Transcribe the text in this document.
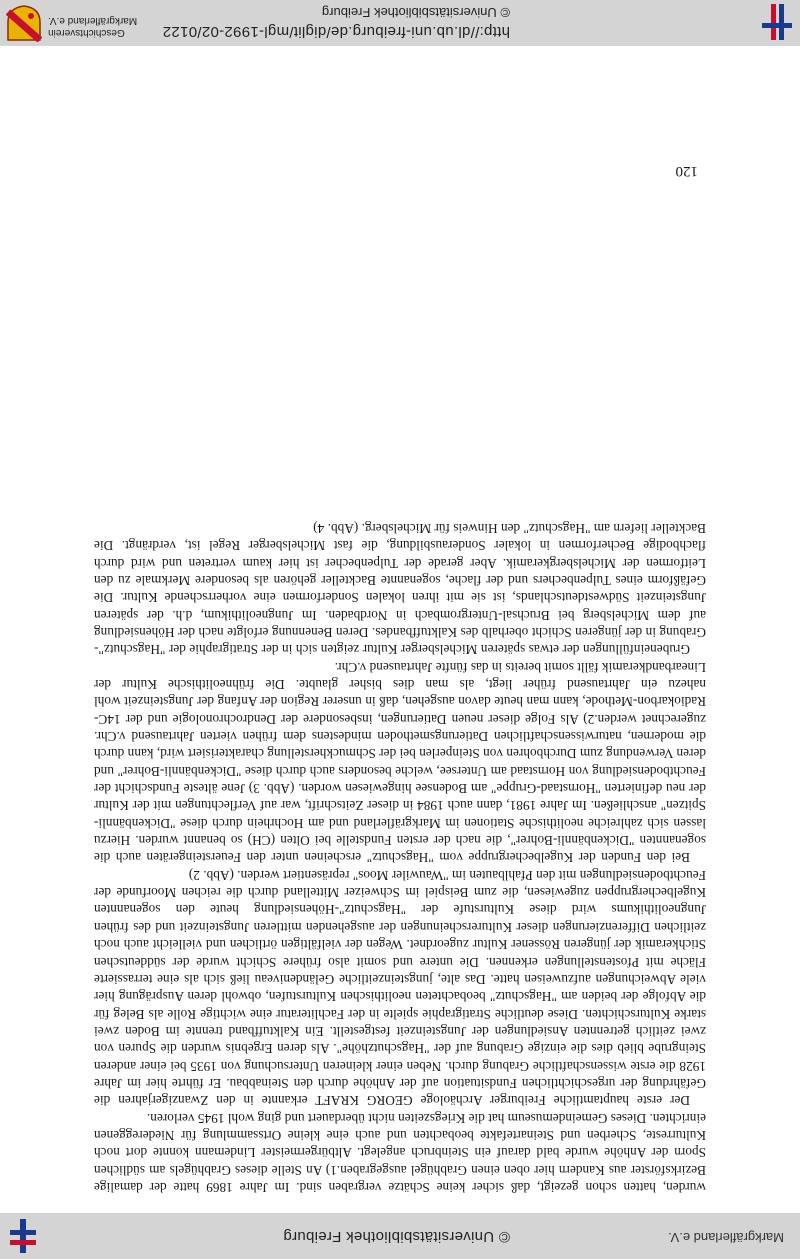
Markgräflerland e.V.
© Universitätsbibliothek Freiburg

wurden, hatten schon gezeigt, daß sicher keine Schätze vergraben sind. Im Jahre 1869 hatte der damalige Bezirksförster aus Kandern hier oben einen Grabhügel ausgegraben.1) An Stelle dieses Grabhügels am südlichen Sporn der Anhöhe wurde bald darauf ein Steinbruch angelegt. Altbürgermeister Lindemann konnte dort noch Kulturreste, Scherben und Steinartefakte beobachten und auch eine kleine Ortssammlung für Niedereggenen einrichten. Dieses Gemeindemuseum hat die Kriegszeiten nicht überdauert und ging wohl 1945 verloren.

Der erste hauptamtliche Freiburger Archäologe GEORG KRAFT erkannte in den Zwanzigerjahren die Gefährdung der urgeschichtlichen Fundsituation auf der Anhöhe durch den Steinabbau. Er führte hier im Jahre 1928 die erste wissenschaftliche Grabung durch. Neben einer kleineren Untersuchung von 1935 bei einer anderen Steingrube blieb dies die einzige Grabung auf der "Hagschutzhöhe". Als deren Ergebnis wurden die Spuren von zwei zeitlich getrennten Ansiedlungen der Jungsteinzeit festgestellt. Ein Kalktuffband trennte im Boden zwei starke Kulturschichten. Diese deutliche Stratigraphie spielte in der Fachliteratur eine wichtige Rolle als Beleg für die Abfolge der beiden am "Hagschutz" beobachteten neolithischen Kulturstufen, obwohl deren Ausprägung hier viele Abweichungen aufzuweisen hatte. Das alte, jungsteinzeitliche Geländeniveau ließ sich als eine terrassierte Fläche mit Pfostenstellungen erkennen. Die untere und somit also frühere Schicht wurde der süddeutschen Stichkeramik der jüngeren Rössener Kultur zugeordnet. Wegen der vielfältigen örtlichen und vielleicht auch noch zeitlichen Differenzierungen dieser Kulturerscheinungen der ausgehenden mittleren Jungsteinzeit und des frühen Jungneolithikums wird diese Kulturstufe der "Hagschutz"-Höhensiedlung heute den sogenannten Kugelbechergruppen zugewiesen, die zum Beispiel im Schweizer Mittelland durch die reichen Moorfunde der Feuchtbodensiedlungen mit den Pfahlbauten im "Wauwiler Moos" repräsentiert werden. (Abb. 2)

Bei den Funden der Kugelbechergruppe vom "Hagschutz" erscheinen unter den Feuersteingeräten auch die sogenannten "Dickenbännli-Bohrer", die nach der ersten Fundstelle bei Olten (CH) so benannt wurden. Hierzu lassen sich zahlreiche neolithische Stationen im Markgräflerland und am Hochrhein durch diese "Dickenbännli-Spitzen" anschließen. Im Jahre 1981, dann auch 1984 in dieser Zeitschrift, war auf Verflechtungen mit der Kultur der neu definierten "Hornstaad-Gruppe" am Bodensee hingewiesen worden. (Abb. 3) Jene älteste Fundschicht der Feuchtbodensiedlung von Hornstaad am Untersee, welche besonders auch durch diese "Dickenbännli-Bohrer" und deren Verwendung zum Durchbohren von Steinperlen bei der Schmuckherstellung charakterisiert wird, kann durch die modernen, naturwissenschaftlichen Datierungsmethoden mindestens dem frühen vierten Jahrtausend v.Chr. zugerechnet werden.2) Als Folge dieser neuen Datierungen, insbesondere der Dendrochronologie und der 14C-Radiokarbon-Methode, kann man heute davon ausgehen, daß in unserer Region der Anfang der Jungsteinzeit wohl nahezu ein Jahrtausend früher liegt, als man dies bisher glaubte. Die frühneolithische Kultur der Linearbandkeramik fällt somit bereits in das fünfte Jahrtausend v.Chr.

Grubeneinfüllungen der etwas späteren Michelsberger Kultur zeigten sich in der Stratigraphie der "Hagschutz"-Grabung in der jüngeren Schicht oberhalb des Kalktuffbandes. Deren Benennung erfolgte nach der Höhensiedlung auf dem Michelsberg bei Bruchsal-Untergrombach in Nordbaden. Im Jungneolithikum, d.h. der späteren Jungsteinzeit Südwestdeutschlands, ist sie mit ihren lokalen Sonderformen eine vorherrschende Kultur. Die Gefäßform eines Tulpenbechers und der flache, sogenannte Backteller gehören als besondere Merkmale zu den Leitformen der Michelsbergkeramik. Aber gerade der Tulpenbecher ist hier kaum vertreten und wird durch flachbodige Becherformen in lokaler Sonderausbildung, die fast Michelsberger Regel ist, verdrängt. Die Backteller liefern am "Hagschutz" den Hinweis für Michelsberg. (Abb. 4)

120
http://dl.ub.uni-freiburg.de/diglit/mgl-1992-02/0122
© Universitätsbibliothek Freiburg
Geschichtsverein
Markgräflerland e.V.
